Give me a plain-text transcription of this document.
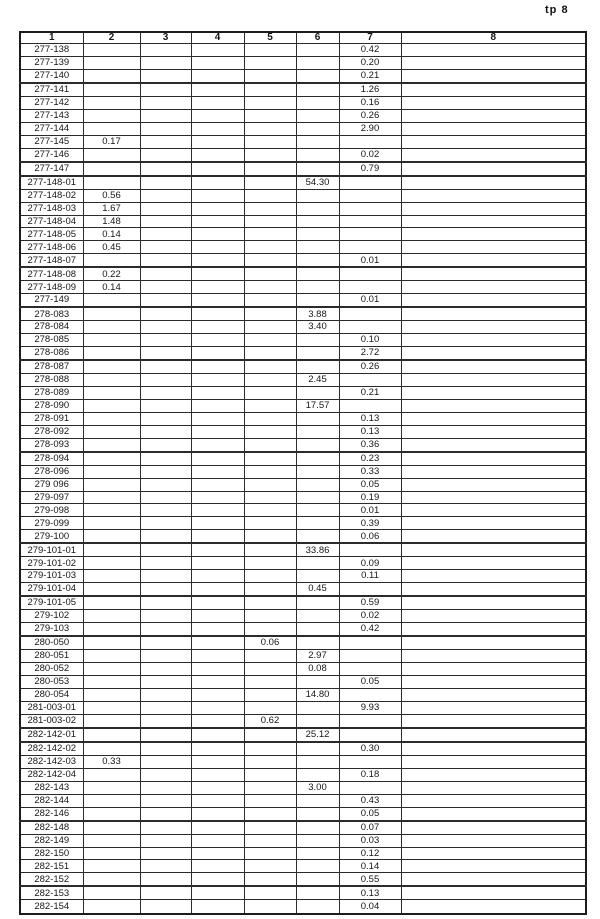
tp 8
1	2	3	4	5	6	7	8
277-138						0.42	
277-139						0.20	
277-140						0.21	
277-141						1.26	
277-142						0.16	
277-143						0.26	
277-144						2.90	
277-145	0.17						
277-146						0.02	
277-147						0.79	
277-148-01					54.30		
277-148-02	0.56						
277-148-03	1.67						
277-148-04	1.48						
277-148-05	0.14						
277-148-06	0.45						
277-148-07						0.01	
277-148-08	0.22						
277-148-09	0.14						
277-149						0.01	
278-083					3.88		
278-084					3.40		
278-085						0.10	
278-086						2.72	
278-087						0.26	
278-088					2.45		
278-089						0.21	
278-090					17.57		
278-091						0.13	
278-092						0.13	
278-093						0.36	
278-094						0.23	
278-096						0.33	
279 096						0.05	
279-097						0.19	
279-098						0.01	
279-099						0.39	
279-100						0.06	
279-101-01					33.86		
279-101-02						0.09	
279-101-03						0.11	
279-101-04					0.45		
279-101-05						0.59	
279-102						0.02	
279-103						0.42	
280-050				0.06			
280-051					2.97		
280-052					0.08		
280-053						0.05	
280-054					14.80		
281-003-01						9.93	
281-003-02				0.62			
282-142-01					25.12		
282-142-02						0.30	
282-142-03	0.33						
282-142-04						0.18	
282-143					3.00		
282-144						0.43	
282-146						0.05	
282-148						0.07	
282-149						0.03	
282-150						0.12	
282-151						0.14	
282-152						0.55	
282-153						0.13	
282-154						0.04	
